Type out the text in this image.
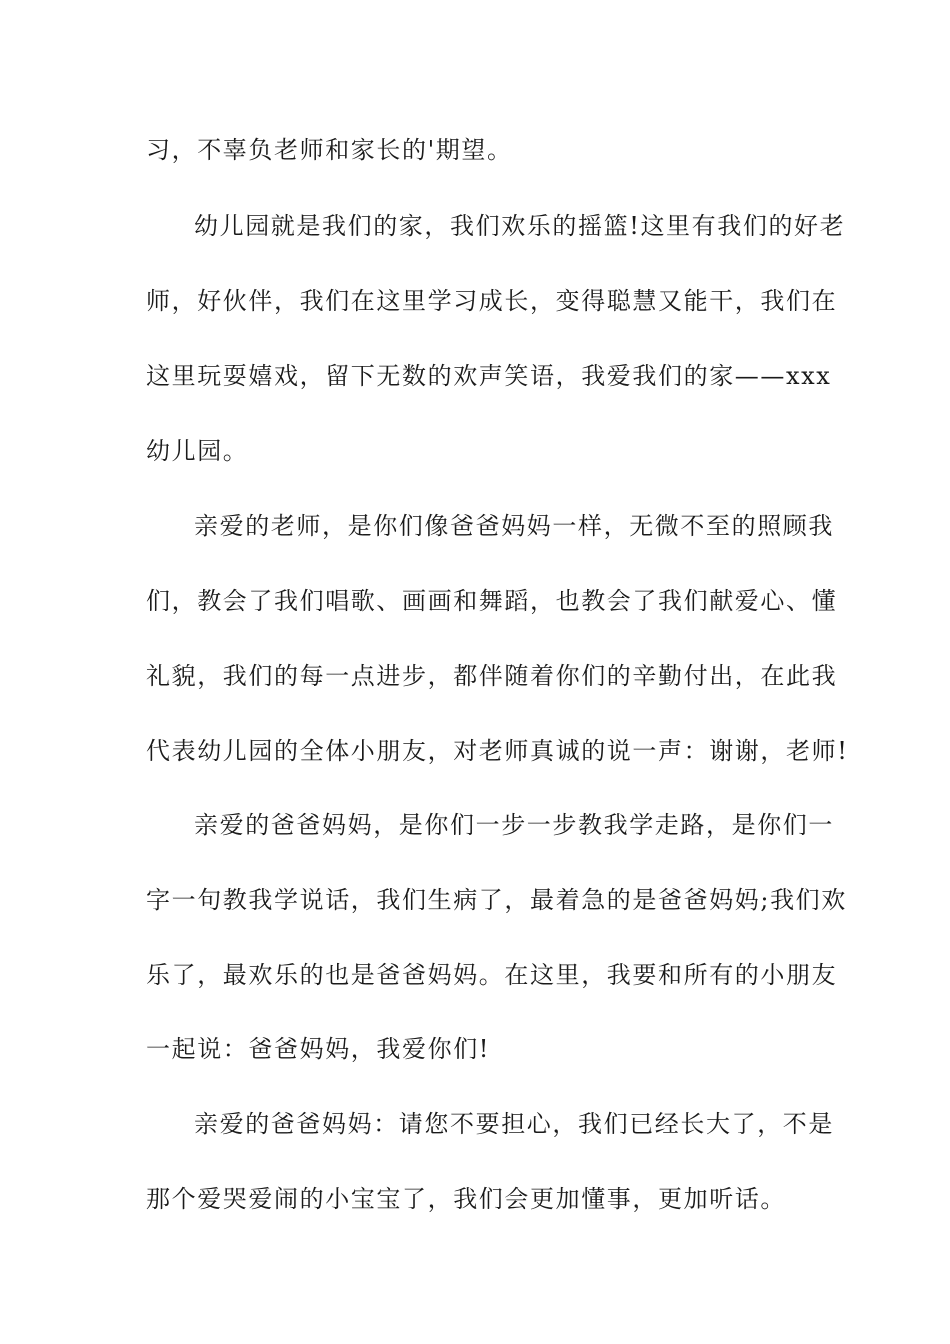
习，不辜负老师和家长的'期望。
幼儿园就是我们的家，我们欢乐的摇篮!这里有我们的好老
师，好伙伴，我们在这里学习成长，变得聪慧又能干，我们在
这里玩耍嬉戏，留下无数的欢声笑语，我爱我们的家——xxx
幼儿园。
亲爱的老师，是你们像爸爸妈妈一样，无微不至的照顾我
们，教会了我们唱歌、画画和舞蹈，也教会了我们献爱心、懂
礼貌，我们的每一点进步，都伴随着你们的辛勤付出，在此我
代表幼儿园的全体小朋友，对老师真诚的说一声：谢谢，老师!
亲爱的爸爸妈妈，是你们一步一步教我学走路，是你们一
字一句教我学说话，我们生病了，最着急的是爸爸妈妈;我们欢
乐了，最欢乐的也是爸爸妈妈。在这里，我要和所有的小朋友
一起说：爸爸妈妈，我爱你们!
亲爱的爸爸妈妈：请您不要担心，我们已经长大了，不是
那个爱哭爱闹的小宝宝了，我们会更加懂事，更加听话。
